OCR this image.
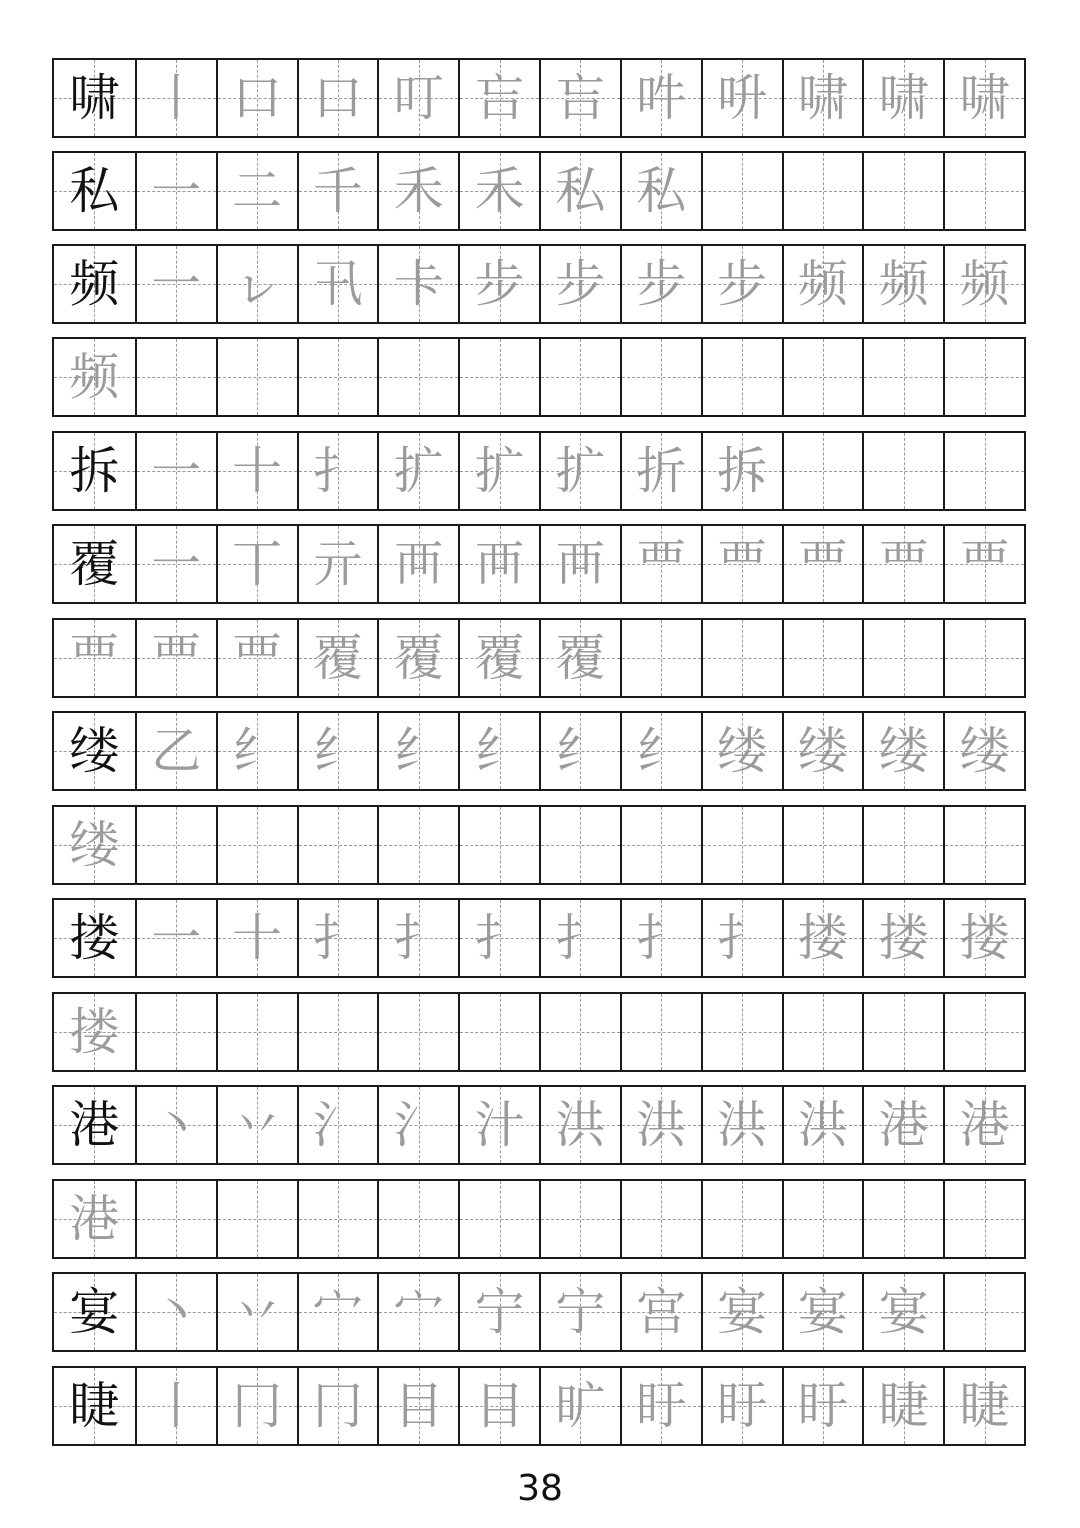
啸 丨 口 口 叮 吂 吂 吽 呏 啸 啸 啸
私 一 二 千 禾 禾 私 私
频 一 ㇾ 卂 卡 步 步 步 步 频 频 频
频
拆 一 十 扌 扩 扩 扩 折 拆
覆 一 丅 亓 襾 襾 襾 覀 覀 覀 覀 覀
覀 覀 覀 覆 覆 覆 覆
缕 乙 纟 纟 纟 纟 纟 纟 缕 缕 缕 缕
缕
搂 一 十 扌 扌 扌 扌 扌 扌 搂 搂 搂
搂
港 丶 丷 氵 氵 汁 洪 洪 洪 洪 港 港
港
宴 丶 丷 宀 宀 宁 宁 宫 宴 宴 宴
睫 丨 冂 冂 目 目 旷 盱 盱 盱 睫 睫
38
